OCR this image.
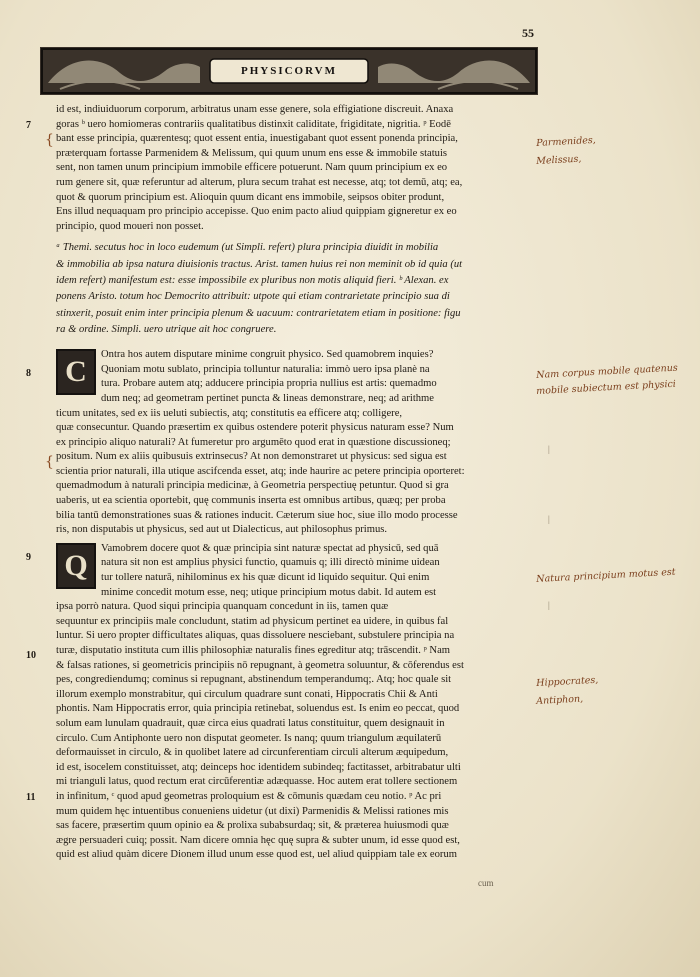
55
PHYSICORVM
7
{
8
{
9
10
11
id est, indiuiduorum corporum, arbitratus unam esse genere, sola effigiatione discreuit. Anaxa
goras ᵇ uero homiomeras contrariis qualitatibus distinxit caliditate, frigiditate, nigritia. ᵖ Eodē
bant esse principia, quærentesq; quot essent entia, inuestigabant quot essent ponenda principia,
præterquam fortasse Parmenidem & Melissum, qui quum unum ens esse & immobile statuis
sent, non tamen unum principium immobile efficere potuerunt. Nam quum principium ex eo
rum genere sit, quæ referuntur ad alterum, plura secum trahat est necesse, atq; tot demū, atq; ea,
quot & quorum principium est. Alioquin quum dicant ens immobile, seipsos obiter produnt,
Ens illud nequaquam pro principio accepisse. Quo enim pacto aliud quippiam gigneretur ex eo
principio, quod moueri non posset.
ᵃ Themi. secutus hoc in loco eudemum (ut Simpli. refert) plura principia diuidit in mobilia
& immobilia ab ipsa natura diuisionis tractus. Arist. tamen huius rei non meminit ob id quia (ut
idem refert) manifestum est: esse impossibile ex pluribus non motis aliquid fieri. ᵇ Alexan. ex
ponens Aristo. totum hoc Democrito attribuit: utpote qui etiam contrarietate principio sua di
stinxerit, posuit enim inter principia plenum & uacuum: contrarietatem etiam in positione: figu
ra & ordine. Simpli. uero utrique ait hoc congruere.
C
Ontra hos autem disputare minime congruit physico. Sed quamobrem inquies?
Quoniam motu sublato, principia tolluntur naturalia: immò uero ipsa planè na
tura. Probare autem atq; adducere principia propria nullius est artis: quemadmo
dum neq; ad geometram pertinet puncta & lineas demonstrare, neq; ad arithme
ticum unitates, sed ex iis ueluti subiectis, atq; constitutis ea efficere atq; colligere,
quæ consecuntur. Quando præsertim ex quibus ostendere poterit physicus naturam esse? Num
ex principio aliquo naturali? At fumeretur pro argumēto quod erat in quæstione discussioneq;
positum. Num ex aliis quibusuis extrinsecus? At non demonstraret ut physicus: sed sigua est
scientia prior naturali, illa utique ascifcenda esset, atq; inde haurire ac petere principia oporteret:
quemadmodum à naturali principia medicinæ, à Geometria perspectiuę petuntur. Quod si gra
uaberis, ut ea scientia oportebit, quę communis inserta est omnibus artibus, quæq; per proba
bilia tantū demonstrationes suas & rationes inducit. Cæterum siue hoc, siue illo modo processe
ris, non disputabis ut physicus, sed aut ut Dialecticus, aut philosophus primus.
Q
Vamobrem docere quot & quæ principia sint naturæ spectat ad physicū, sed quā
natura sit non est amplius physici functio, quamuis q; illi directò minime uidean
tur tollere naturā, nihilominus ex his quæ dicunt id liquido sequitur. Qui enim
minime concedit motum esse, neq; utique principium motus dabit. Id autem est
ipsa porrò natura. Quod siqui principia quanquam concedunt in iis, tamen quæ
sequuntur ex principiis male concludunt, statim ad physicum pertinet ea uidere, in quibus fal
luntur. Si uero propter difficultates aliquas, quas dissoluere nesciebant, substulere principia na
turæ, disputatio instituta cum illis philosophiæ naturalis fines egreditur atq; trāscendit. ᵖ Nam
& falsas rationes, si geometricis principiis nō repugnant, à geometra soluuntur, & cōferendus est
pes, congrediendumq; cominus si repugnant, abstinendum temperandumq;. Atq; hoc quale sit
illorum exemplo monstrabitur, qui circulum quadrare sunt conati, Hippocratis Chii & Anti
phontis. Nam Hippocratis error, quia principia retinebat, soluendus est. Is enim eo peccat, quod
solum eam lunulam quadrauit, quæ circa eius quadrati latus constituitur, quem designauit in
circulo. Cum Antiphonte uero non disputat geometer. Is nanq; quum triangulum æquilaterū
deformauisset in circulo, & in quolibet latere ad circunferentiam circuli alterum æquipedum,
id est, isocelem constituisset, atq; deinceps hoc identidem subindeq; factitasset, arbitrabatur ulti
mi trianguli latus, quod rectum erat circūferentiæ adæquasse. Hoc autem erat tollere sectionem
in infinitum, ᶜ quod apud geometras proloquium est & cōmunis quædam ceu notio. ᵖ Ac pri
mum quidem hęc intuentibus conueniens uidetur (ut dixi) Parmenidis & Melissi rationes mis
sas facere, præsertim quum opinio ea & prolixa subabsurdaq; sit, & præterea huiusmodi quæ
ægre persuaderi cuiq; possit. Nam dicere omnia hęc quę supra & subter unum, id esse quod est,
quid est aliud quàm dicere Dionem illud unum esse quod est, uel aliud quippiam tale ex eorum
Parmenides,
Melissus,
Nam corpus mobile quatenus
mobile subiectum est physici
Natura principium motus est
Hippocrates,
Antiphon,
|
|
|
cum
